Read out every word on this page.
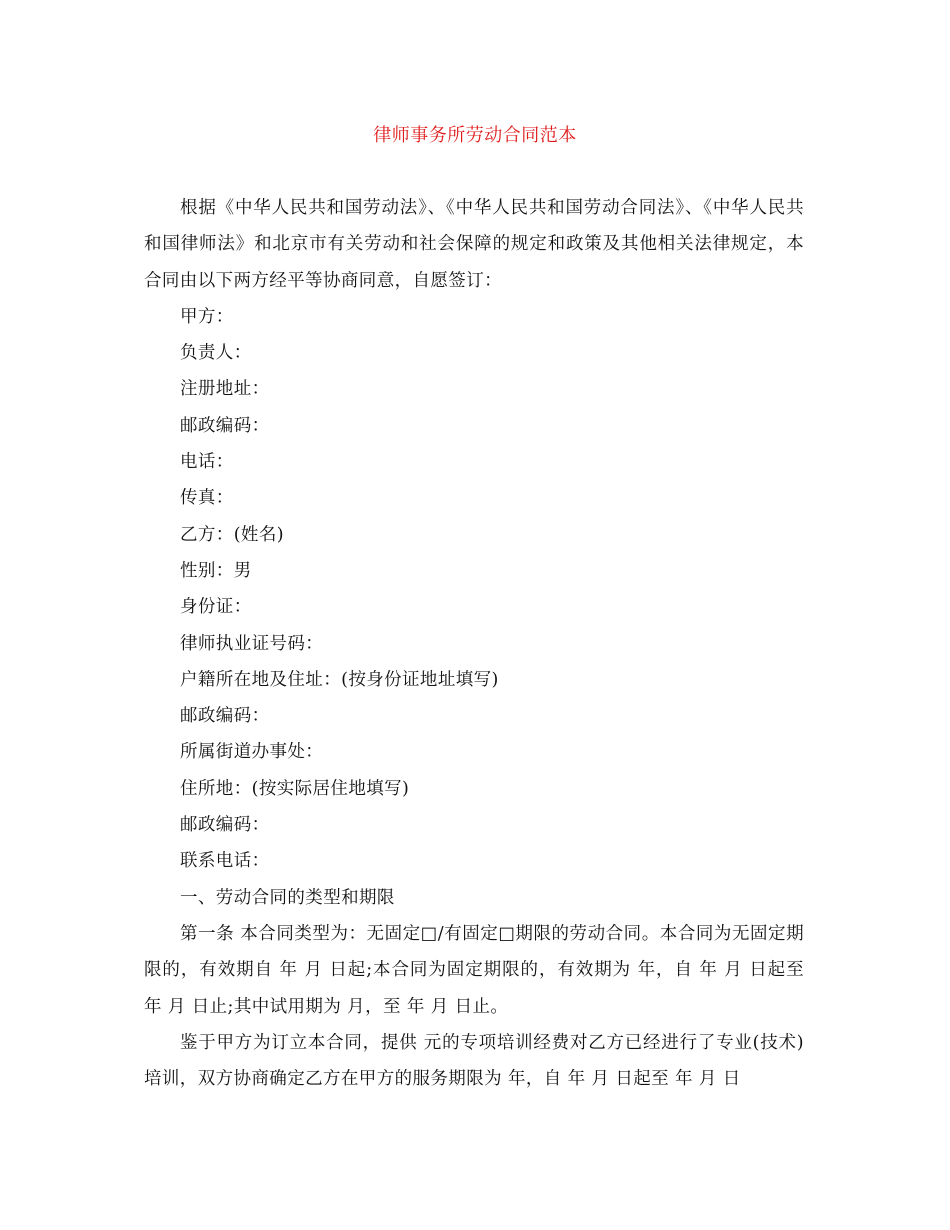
律师事务所劳动合同范本

根据《中华人民共和国劳动法》、《中华人民共和国劳动合同法》、《中华人民共和国律师法》和北京市有关劳动和社会保障的规定和政策及其他相关法律规定，本合同由以下两方经平等协商同意，自愿签订：

甲方：

负责人：

注册地址：

邮政编码：

电话：

传真：

乙方：(姓名)

性别：男

身份证：

律师执业证号码：

户籍所在地及住址：(按身份证地址填写)

邮政编码：

所属街道办事处：

住所地：(按实际居住地填写)

邮政编码：

联系电话：

一、劳动合同的类型和期限

第一条 本合同类型为：无固定□/有固定□期限的劳动合同。本合同为无固定期限的，有效期自 年 月 日起;本合同为固定期限的，有效期为 年，自 年 月 日起至 年 月 日止;其中试用期为 月，至 年 月 日止。

鉴于甲方为订立本合同，提供 元的专项培训经费对乙方已经进行了专业(技术)培训，双方协商确定乙方在甲方的服务期限为 年，自 年 月 日起至 年 月 日
